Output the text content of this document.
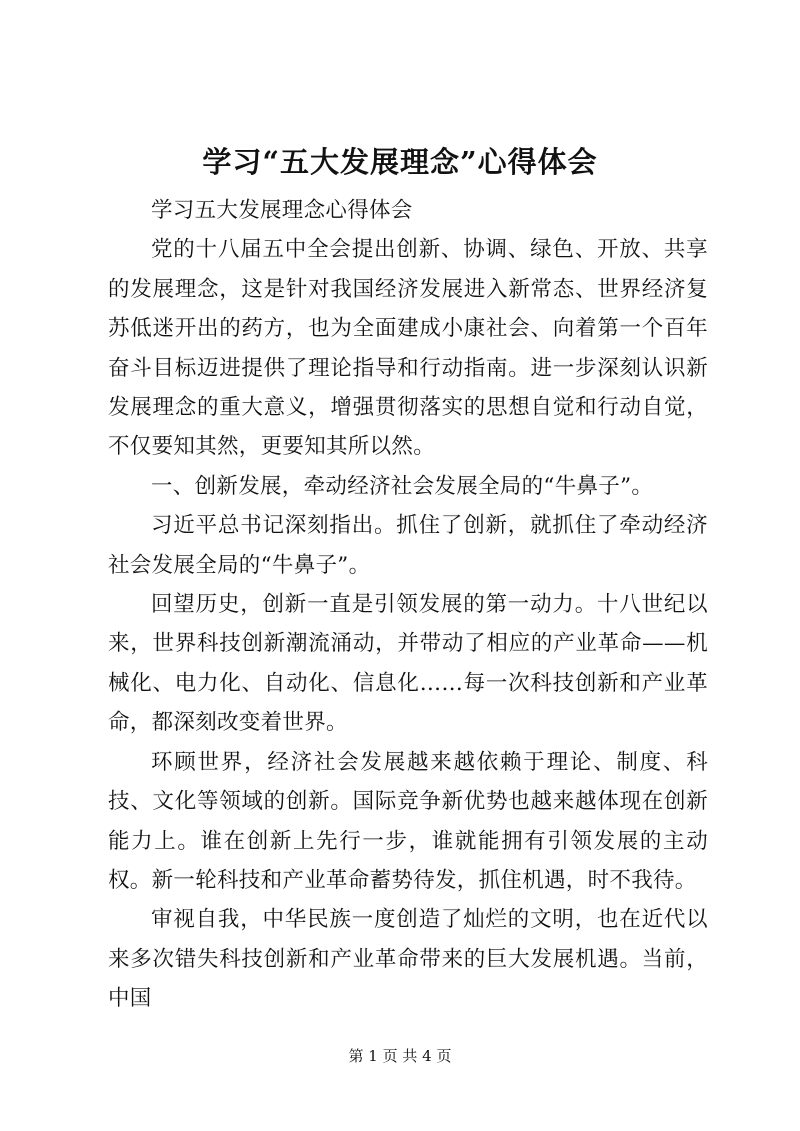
学习“五大发展理念”心得体会

学习五大发展理念心得体会

党的十八届五中全会提出创新、协调、绿色、开放、共享的发展理念，这是针对我国经济发展进入新常态、世界经济复苏低迷开出的药方，也为全面建成小康社会、向着第一个百年奋斗目标迈进提供了理论指导和行动指南。进一步深刻认识新发展理念的重大意义，增强贯彻落实的思想自觉和行动自觉，不仅要知其然，更要知其所以然。

一、创新发展，牵动经济社会发展全局的“牛鼻子”。

习近平总书记深刻指出。抓住了创新，就抓住了牵动经济社会发展全局的“牛鼻子”。

回望历史，创新一直是引领发展的第一动力。十八世纪以来，世界科技创新潮流涌动，并带动了相应的产业革命——机械化、电力化、自动化、信息化……每一次科技创新和产业革命，都深刻改变着世界。

环顾世界，经济社会发展越来越依赖于理论、制度、科技、文化等领域的创新。国际竞争新优势也越来越体现在创新能力上。谁在创新上先行一步，谁就能拥有引领发展的主动权。新一轮科技和产业革命蓄势待发，抓住机遇，时不我待。

审视自我，中华民族一度创造了灿烂的文明，也在近代以来多次错失科技创新和产业革命带来的巨大发展机遇。当前，中国

第 1 页 共 4 页
